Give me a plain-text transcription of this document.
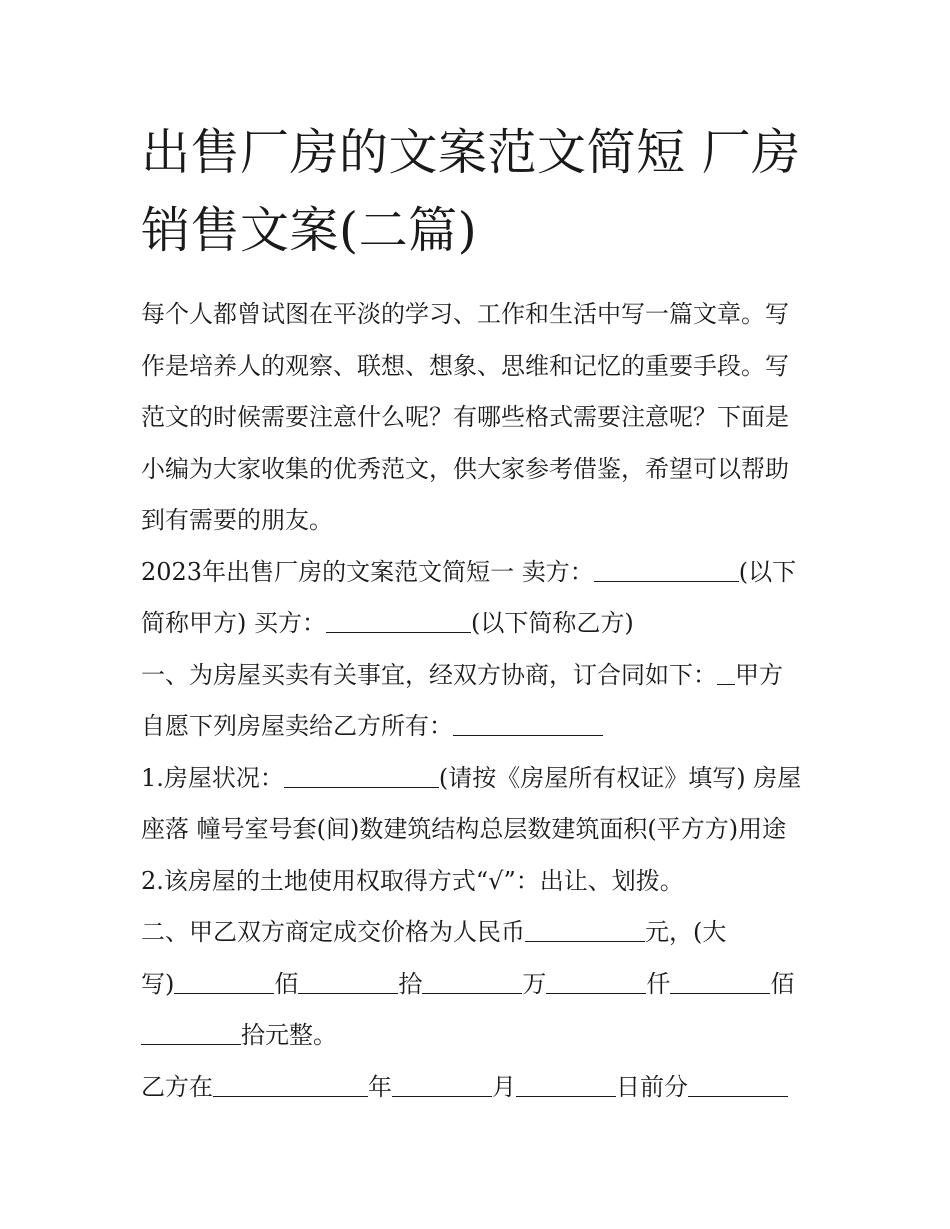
出售厂房的文案范文简短 厂房
销售文案(二篇)

每个人都曾试图在平淡的学习、工作和生活中写一篇文章。写

作是培养人的观察、联想、想象、思维和记忆的重要手段。写

范文的时候需要注意什么呢？有哪些格式需要注意呢？下面是

小编为大家收集的优秀范文，供大家参考借鉴，希望可以帮助

到有需要的朋友。

2023年出售厂房的文案范文简短一 卖方：	(以下

简称甲方) 买方：	(以下简称乙方)

一、为房屋买卖有关事宜，经双方协商，订合同如下： 甲方

自愿下列房屋卖给乙方所有：

1.房屋状况：	(请按《房屋所有权证》填写) 房屋

座落 幢号室号套(间)数建筑结构总层数建筑面积(平方方)用途

2.该房屋的土地使用权取得方式“√”：出让、划拨。

二、甲乙双方商定成交价格为人民币	元，(大

写)	佰	拾	万	仟	佰

拾元整。

乙方在	年	月	日前分
